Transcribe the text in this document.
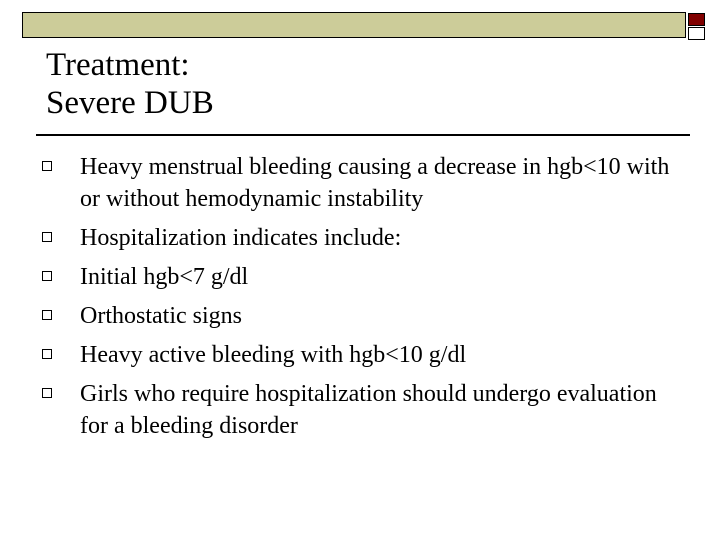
Treatment:
Severe DUB
Heavy menstrual bleeding causing a decrease in hgb<10 with or without hemodynamic instability
Hospitalization indicates include:
Initial hgb<7 g/dl
Orthostatic signs
Heavy active bleeding with hgb<10 g/dl
Girls who require hospitalization should undergo evaluation for a bleeding disorder
